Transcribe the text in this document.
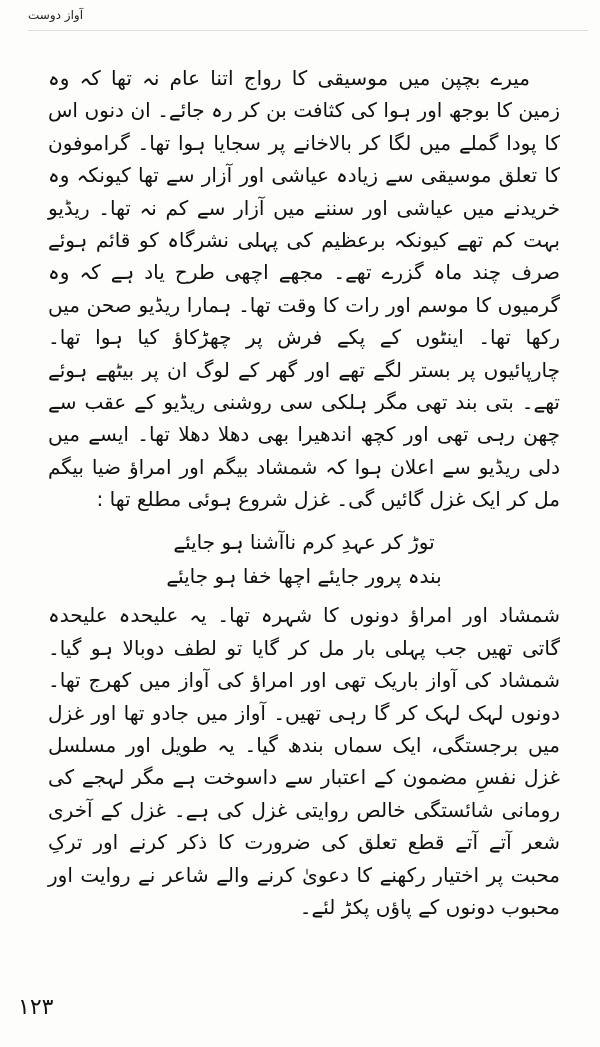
آواز دوست

میرے بچپن میں موسیقی کا رواج اتنا عام نہ تھا کہ وہ زمین کا بوجھ اور ہوا کی کثافت بن کر رہ جائے۔ ان دنوں اس کا پودا گملے میں لگا کر بالاخانے پر سجایا ہوا تھا۔ گراموفون کا تعلق موسیقی سے زیادہ عیاشی اور آزار سے تھا کیونکہ وہ خریدنے میں عیاشی اور سننے میں آزار سے کم نہ تھا۔ ریڈیو بہت کم تھے کیونکہ برعظیم کی پہلی نشرگاہ کو قائم ہوئے صرف چند ماہ گزرے تھے۔ مجھے اچھی طرح یاد ہے کہ وہ گرمیوں کا موسم اور رات کا وقت تھا۔ ہمارا ریڈیو صحن میں رکھا تھا۔ اینٹوں کے پکے فرش پر چھڑکاؤ کیا ہوا تھا۔ چارپائیوں پر بستر لگے تھے اور گھر کے لوگ ان پر بیٹھے ہوئے تھے۔ بتی بند تھی مگر ہلکی سی روشنی ریڈیو کے عقب سے چھن رہی تھی اور کچھ اندھیرا بھی دھلا دھلا تھا۔ ایسے میں دلی ریڈیو سے اعلان ہوا کہ شمشاد بیگم اور امراؤ ضیا بیگم مل کر ایک غزل گائیں گی۔ غزل شروع ہوئی مطلع تھا :

توڑ کر عہدِ کرم ناآشنا ہو جایئے
بندہ پرور جایئے اچھا خفا ہو جایئے

شمشاد اور امراؤ دونوں کا شہرہ تھا۔ یہ علیحدہ علیحدہ گاتی تھیں جب پہلی بار مل کر گایا تو لطف دوبالا ہو گیا۔ شمشاد کی آواز باریک تھی اور امراؤ کی آواز میں کھرج تھا۔ دونوں لہک لہک کر گا رہی تھیں۔ آواز میں جادو تھا اور غزل میں برجستگی، ایک سماں بندھ گیا۔ یہ طویل اور مسلسل غزل نفسِ مضمون کے اعتبار سے داسوخت ہے مگر لہجے کی رومانی شائستگی خالص روایتی غزل کی ہے۔ غزل کے آخری شعر آتے آتے قطع تعلق کی ضرورت کا ذکر کرنے اور ترکِ محبت پر اختیار رکھنے کا دعویٰ کرنے والے شاعر نے روایت اور محبوب دونوں کے پاؤں پکڑ لئے۔

۱۲۳
